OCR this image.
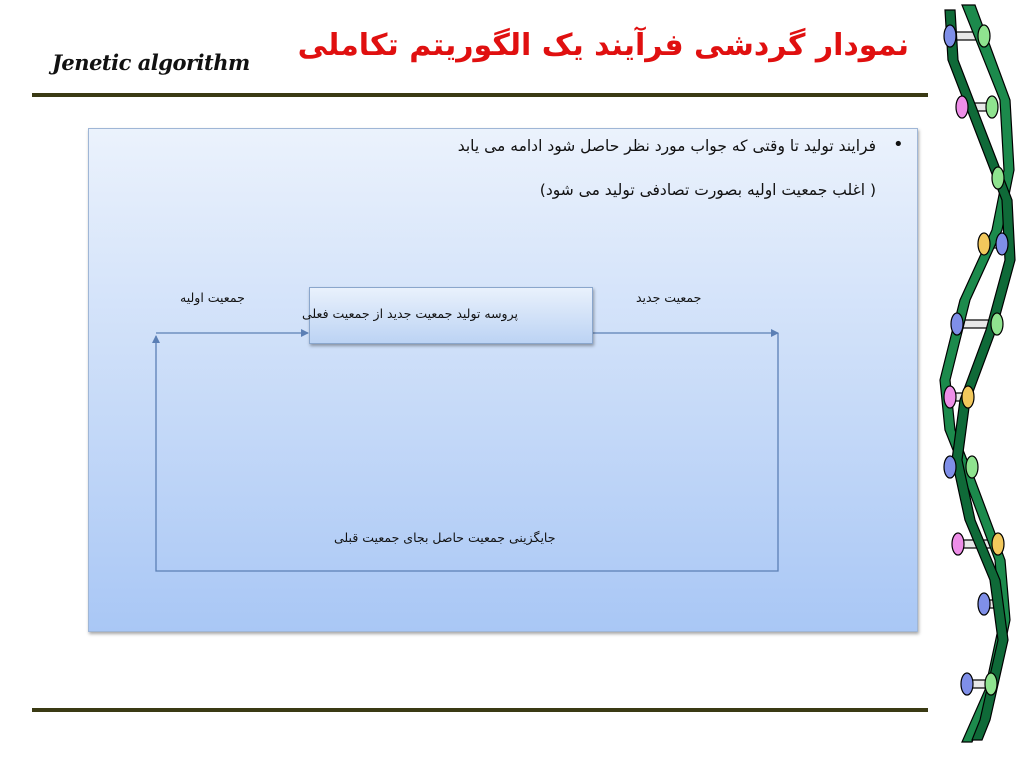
نمودار گردشی فرآیند یک الگوریتم تکاملی
Jenetic algorithm
•
فرایند تولید تا وقتی که جواب مورد نظر حاصل شود ادامه می یابد
( اغلب جمعیت اولیه بصورت تصادفی تولید می شود)
جمعیت اولیه	جمعیت جدید
پروسه تولید جمعیت جدید از جمعیت فعلی
جایگزینی جمعیت حاصل بجای جمعیت قبلی
